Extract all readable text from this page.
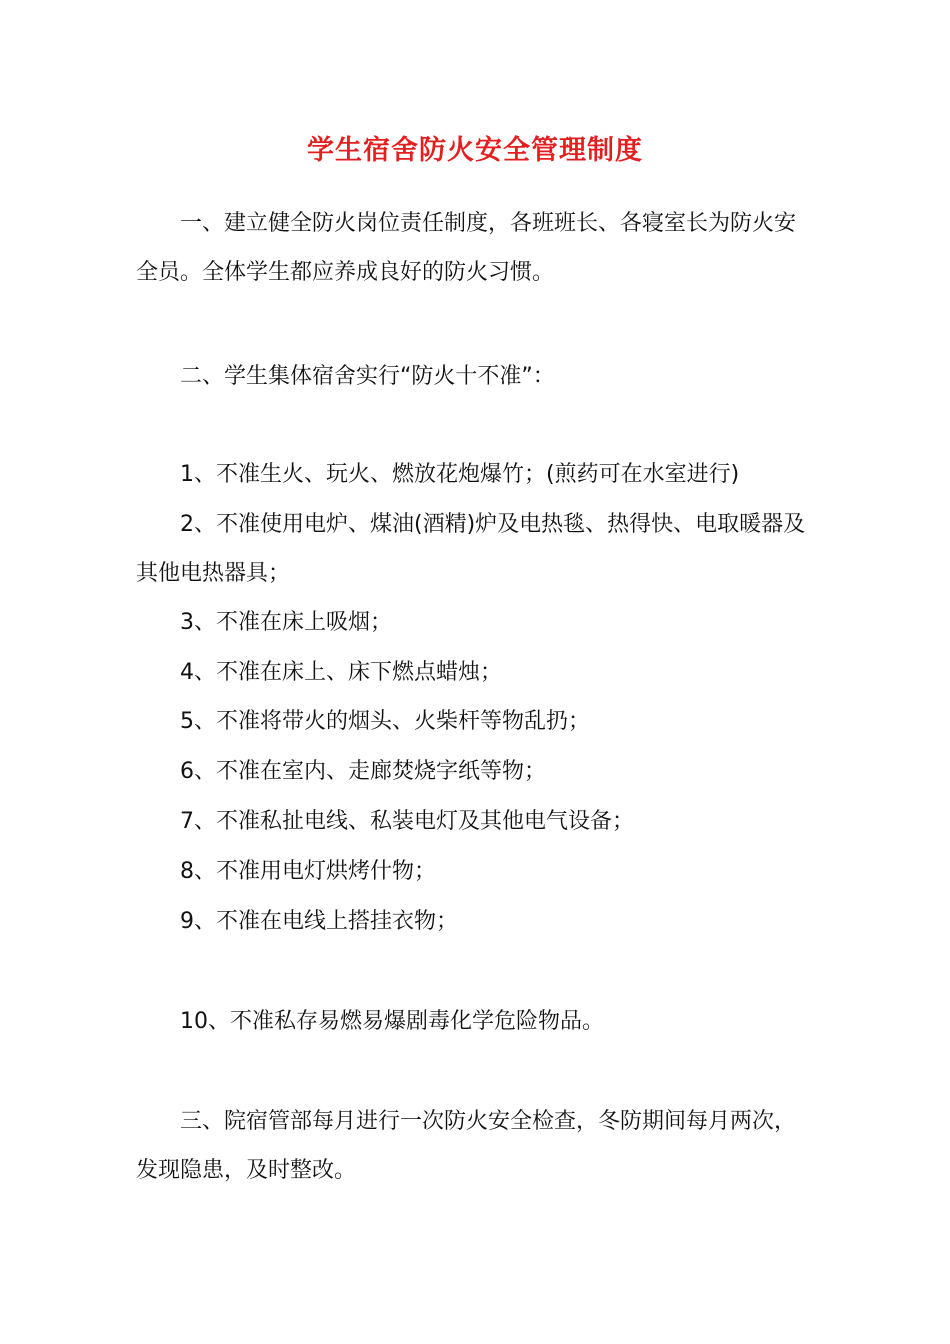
学生宿舍防火安全管理制度

一、建立健全防火岗位责任制度，各班班长、各寝室长为防火安
全员。全体学生都应养成良好的防火习惯。

二、学生集体宿舍实行“防火十不准”：

1、不准生火、玩火、燃放花炮爆竹；(煎药可在水室进行)

2、不准使用电炉、煤油(酒精)炉及电热毯、热得快、电取暖器及
其他电热器具；

3、不准在床上吸烟；

4、不准在床上、床下燃点蜡烛；

5、不准将带火的烟头、火柴杆等物乱扔；

6、不准在室内、走廊焚烧字纸等物；

7、不准私扯电线、私装电灯及其他电气设备；

8、不准用电灯烘烤什物；

9、不准在电线上搭挂衣物；

10、不准私存易燃易爆剧毒化学危险物品。

三、院宿管部每月进行一次防火安全检查，冬防期间每月两次，
发现隐患，及时整改。
